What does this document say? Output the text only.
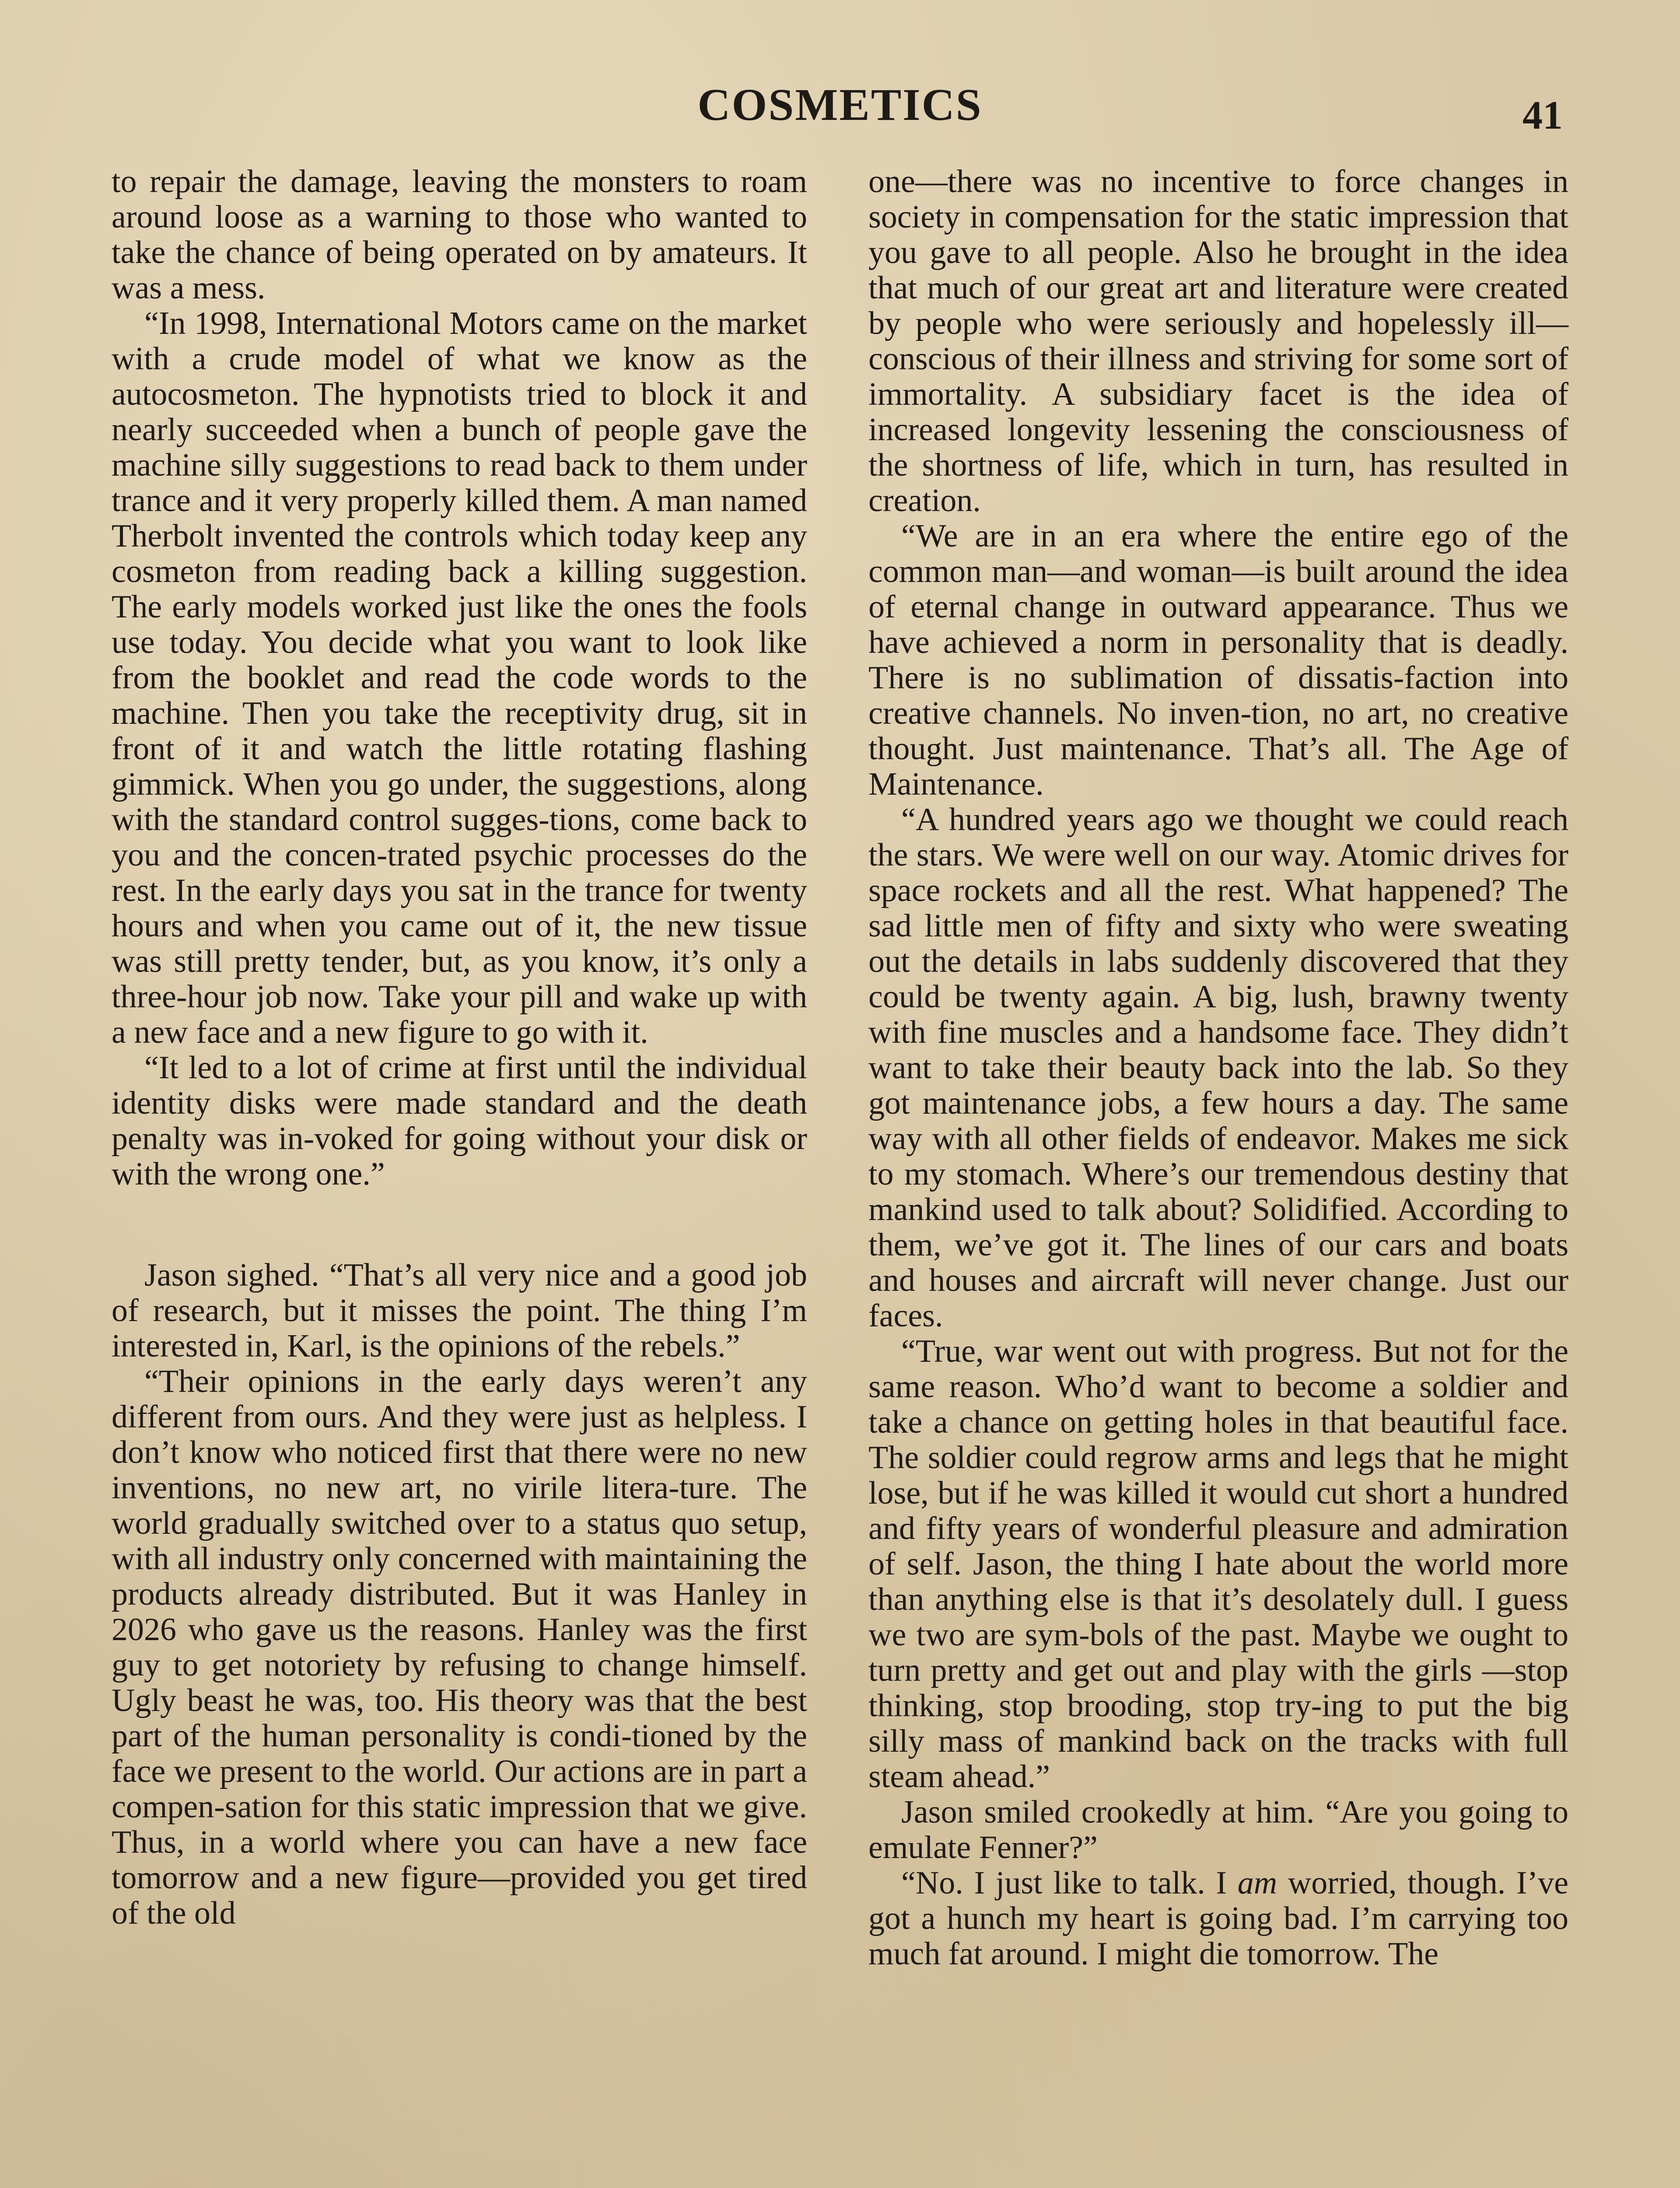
COSMETICS	41

to repair the damage, leaving the monsters to roam around loose as a warning to those who wanted to take the chance of being operated on by amateurs. It was a mess.

“In 1998, International Motors came on the market with a crude model of what we know as the autocosmeton. The hypnotists tried to block it and nearly succeeded when a bunch of people gave the machine silly suggestions to read back to them under trance and it very properly killed them. A man named Therbolt invented the controls which today keep any cosmeton from reading back a killing suggestion. The early models worked just like the ones the fools use today. You decide what you want to look like from the booklet and read the code words to the machine. Then you take the receptivity drug, sit in front of it and watch the little rotating flashing gimmick. When you go under, the suggestions, along with the standard control sugges-tions, come back to you and the concen-trated psychic processes do the rest. In the early days you sat in the trance for twenty hours and when you came out of it, the new tissue was still pretty tender, but, as you know, it’s only a three-hour job now. Take your pill and wake up with a new face and a new figure to go with it.

“It led to a lot of crime at first until the individual identity disks were made standard and the death penalty was in-voked for going without your disk or with the wrong one.”

Jason sighed. “That’s all very nice and a good job of research, but it misses the point. The thing I’m interested in, Karl, is the opinions of the rebels.”

“Their opinions in the early days weren’t any different from ours. And they were just as helpless. I don’t know who noticed first that there were no new inventions, no new art, no virile litera-ture. The world gradually switched over to a status quo setup, with all industry only concerned with maintaining the products already distributed. But it was Hanley in 2026 who gave us the reasons. Hanley was the first guy to get notoriety by refusing to change himself. Ugly beast he was, too. His theory was that the best part of the human personality is condi-tioned by the face we present to the world. Our actions are in part a compen-sation for this static impression that we give. Thus, in a world where you can have a new face tomorrow and a new figure—provided you get tired of the old

one—there was no incentive to force changes in society in compensation for the static impression that you gave to all people. Also he brought in the idea that much of our great art and literature were created by people who were seriously and hopelessly ill—conscious of their illness and striving for some sort of immortality. A subsidiary facet is the idea of increased longevity lessening the consciousness of the shortness of life, which in turn, has resulted in creation.

“We are in an era where the entire ego of the common man—and woman—is built around the idea of eternal change in outward appearance. Thus we have achieved a norm in personality that is deadly. There is no sublimation of dissatis-faction into creative channels. No inven-tion, no art, no creative thought. Just maintenance. That’s all. The Age of Maintenance.

“A hundred years ago we thought we could reach the stars. We were well on our way. Atomic drives for space rockets and all the rest. What happened? The sad little men of fifty and sixty who were sweating out the details in labs suddenly discovered that they could be twenty again. A big, lush, brawny twenty with fine muscles and a handsome face. They didn’t want to take their beauty back into the lab. So they got maintenance jobs, a few hours a day. The same way with all other fields of endeavor. Makes me sick to my stomach. Where’s our tremendous destiny that mankind used to talk about? Solidified. According to them, we’ve got it. The lines of our cars and boats and houses and aircraft will never change. Just our faces.

“True, war went out with progress. But not for the same reason. Who’d want to become a soldier and take a chance on getting holes in that beautiful face. The soldier could regrow arms and legs that he might lose, but if he was killed it would cut short a hundred and fifty years of wonderful pleasure and admiration of self. Jason, the thing I hate about the world more than anything else is that it’s desolately dull. I guess we two are sym-bols of the past. Maybe we ought to turn pretty and get out and play with the girls —stop thinking, stop brooding, stop try-ing to put the big silly mass of mankind back on the tracks with full steam ahead.”

Jason smiled crookedly at him. “Are you going to emulate Fenner?”

“No. I just like to talk. I am worried, though. I’ve got a hunch my heart is going bad. I’m carrying too much fat around. I might die tomorrow. The
